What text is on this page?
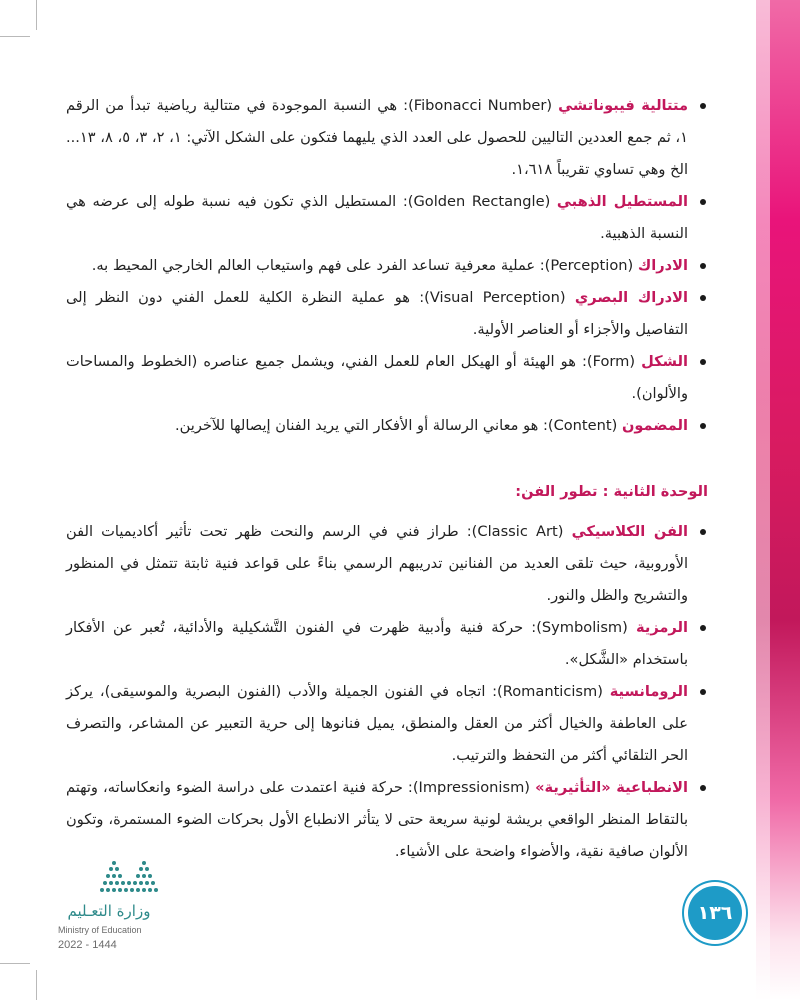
متتالية فيبوناتشي (Fibonacci Number): هي النسبة الموجودة في متتالية رياضية تبدأ من الرقم ١، ثم جمع العددين التاليين للحصول على العدد الذي يليهما فتكون على الشكل الآتي: ١، ٢، ٣، ٥، ٨، ١٣... الخ وهي تساوي تقريباً ١،٦١٨.
المستطيل الذهبي (Golden Rectangle): المستطيل الذي تكون فيه نسبة طوله إلى عرضه هي النسبة الذهبية.
الادراك (Perception): عملية معرفية تساعد الفرد على فهم واستيعاب العالم الخارجي المحيط به.
الادراك البصري (Visual Perception): هو عملية النظرة الكلية للعمل الفني دون النظر إلى التفاصيل والأجزاء أو العناصر الأولية.
الشكل (Form): هو الهيئة أو الهيكل العام للعمل الفني، ويشمل جميع عناصره (الخطوط والمساحات والألوان).
المضمون (Content): هو معاني الرسالة أو الأفكار التي يريد الفنان إيصالها للآخرين.
الوحدة الثانية : تطور الفن:
الفن الكلاسيكي (Classic Art): طراز فني في الرسم والنحت ظهر تحت تأثير أكاديميات الفن الأوروبية، حيث تلقى العديد من الفنانين تدريبهم الرسمي بناءً على قواعد فنية ثابتة تتمثل في المنظور والتشريح والظل والنور.
الرمزية (Symbolism): حركة فنية وأدبية ظهرت في الفنون التَّشكيلية والأدائية، تُعبر عن الأفكار باستخدام «الشَّكل».
الرومانسية (Romanticism): اتجاه في الفنون الجميلة والأدب (الفنون البصرية والموسيقى)، يركز على العاطفة والخيال أكثر من العقل والمنطق، يميل فنانوها إلى حرية التعبير عن المشاعر، والتصرف الحر التلقائي أكثر من التحفظ والترتيب.
الانطباعية «التأثيرية» (Impressionism): حركة فنية اعتمدت على دراسة الضوء وانعكاساته، وتهتم بالتقاط المنظر الواقعي بريشة لونية سريعة حتى لا يتأثر الانطباع الأول بحركات الضوء المستمرة، وتكون الألوان صافية نقية، والأضواء واضحة على الأشياء.
وزارة التعـليم
Ministry of Education
2022 - 1444
١٣٦
